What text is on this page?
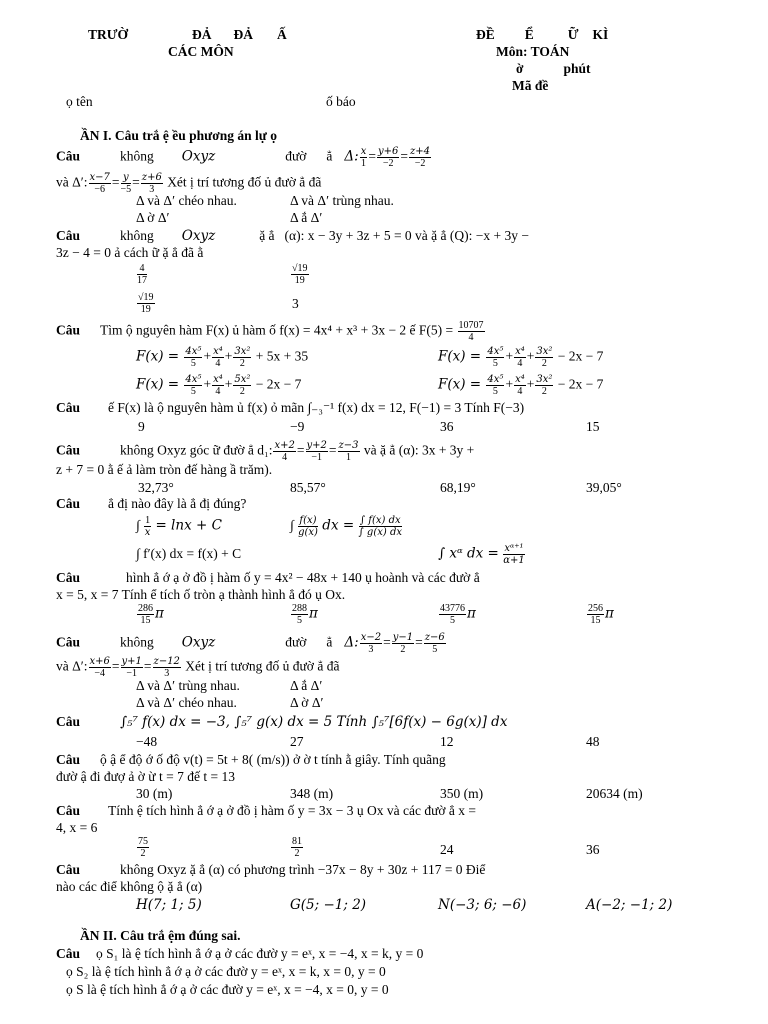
TRƯỜ	ĐẢ ĐẢ Ấ
CÁC MÔN
ĐỀ Ể	Ữ KÌ
Môn: TOÁN
ờ	phút
Mã đề
ọ tên	ố báo
ẦN I. Câu trắ ệ ều phương án lự ọ
Câu	không Oxyz	đườ ẳ Δ: $\frac{x}{1} = \frac{y+6}{-2} = \frac{z+4}{-2}$
và Δ′: $\frac{x-7}{-6} = \frac{y}{-5} = \frac{z+6}{3}$ Xét ị trí tương đố ủ đườ ẳ đã
Δ và Δ′ chéo nhau.	Δ và Δ′ trùng nhau.
Δ ờ Δ′	Δ ắ Δ′
Câu	không Oxyz	ặ ẳ (α): x − 3y + 3z + 5 = 0 và ặ ẳ (Q): −x + 3y −
3z − 4 = 0 ả cách ữ ặ ẳ đã ằ
$\frac{4}{17}$	$\frac{√19}{19}$
$\frac{√19}{19}$	3
Câu Tìm ộ nguyên hàm F(x) ủ hàm ố f(x) = 4x⁴ + x³ + 3x − 2 ế $F(5) = \frac{10707}{4}$
$F(x) = \frac{\text{4x⁵}}{5} + \frac{\text{x⁴}}{4} + \frac{\text{3x²}}{2} + 5x + 35$	$F(x) = \frac{\text{4x⁵}}{5} + \frac{\text{x⁴}}{4} + \frac{\text{3x²}}{2} - 2x - 7$
$F(x) = \frac{\text{4x⁵}}{5} + \frac{\text{x⁴}}{4} + \frac{\text{5x²}}{2} - 2x - 7$	$F(x) = \frac{\text{4x⁵}}{5} + \frac{\text{x⁴}}{4} + \frac{\text{3x²}}{2} - 2x - 7$
Câu ế F(x) là ộ nguyên hàm ủ f(x) ỏ mãn ∫₋₃⁻¹ f(x) dx = 12, F(−1) = 3 Tính F(−3)
9	−9	36	15
Câu	không Oxyz góc ữ đườ ẳ d₁: $\frac{x+2}{4} = \frac{y+2}{-1} = \frac{z-3}{1}$ và ặ ẳ (α): 3x + 3y +
z + 7 = 0 ằ ế ả làm tròn đế hàng ầ trăm).
32,73°	85,57°	68,19°	39,05°
Câu ẳ đị nào đây là ẳ đị đúng?
∫ $\frac{1}{x} = \ln x + C$	∫ $\frac{f(x)}{g(x)}$ dx = $\frac{\int f(x) dx}{\int g(x) dx}$
∫ f′(x) dx = f(x) + C	∫ xᵅ dx = $\frac{\text{xᵅ⁺¹}}{\alpha+1}$
Câu	hình ẳ ớ ạ ở đồ ị hàm ố y = 4x² − 48x + 140 ụ hoành và các đườ ẳ
x = 5, x = 7 Tính ể tích ố tròn ạ thành hình ẳ đó ụ Ox.
$\frac{286}{15}$ π	$\frac{288}{5}$ π	$\frac{43776}{5}$ π	$\frac{256}{15}$ π
Câu	không Oxyz	đườ ẳ Δ: $\frac{x-2}{3} = \frac{y-1}{2} = \frac{z-6}{5}$
và Δ′: $\frac{x+6}{-4} = \frac{y+1}{-1} = \frac{z-12}{3}$ Xét ị trí tương đố ủ đườ ẳ đã
Δ và Δ′ trùng nhau.	Δ ắ Δ′
Δ và Δ′ chéo nhau.	Δ ờ Δ′
Câu	∫₅⁷ f(x) dx = −3, ∫₅⁷ g(x) dx = 5 Tính ∫₅⁷[6f(x) − 6g(x)] dx
−48	27	12	48
Câu ộ ậ ể độ ớ ố độ v(t) = 5t + 8( (m/s)) ở ờ t tính ằ giây. Tính quãng
đườ ậ đi đượ ả ờ ừ t = 7 đế t = 13
30 (m)	348 (m)	350 (m)	20634 (m)
Câu Tính ệ tích hình ẳ ớ ạ ở đồ ị hàm ố y = 3x − 3 ụ Ox và các đườ ẳ x =
4, x = 6
$\frac{75}{2}$	$\frac{81}{2}$	24	36
Câu	không Oxyz ặ ẳ (α) có phương trình −37x − 8y + 30z + 117 = 0 Điể
nào các điể không ộ ặ ẳ (α)
H(7; 1; 5)	G(5; −1; 2)	N(−3; 6; −6)	A(−2; −1; 2)
ẦN II. Câu trắ ệm đúng sai.
Câu ọ S₁ là ệ tích hình ẳ ớ ạ ở các đườ y = eˣ, x = −4, x = k, y = 0
ọ S₂ là ệ tích hình ẳ ớ ạ ở các đườ y = eˣ, x = k, x = 0, y = 0
ọ S là ệ tích hình ẳ ớ ạ ở các đườ y = eˣ, x = −4, x = 0, y = 0
